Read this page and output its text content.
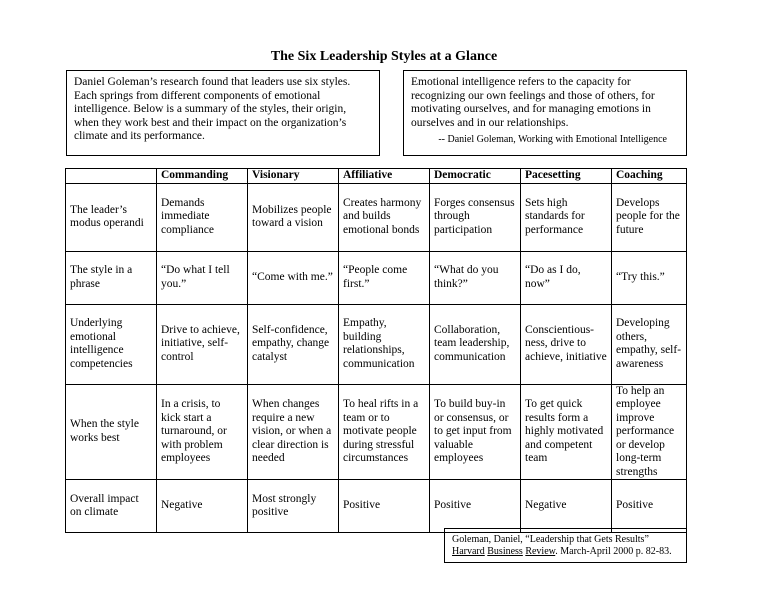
The Six Leadership Styles at a Glance
Daniel Goleman’s research found that leaders use six styles. Each springs from different components of emotional intelligence. Below is a summary of the styles, their origin, when they work best and their impact on the organization’s climate and its performance.
Emotional intelligence refers to the capacity for recognizing our own feelings and those of others, for motivating ourselves, and for managing emotions in ourselves and in our relationships.
-- Daniel Goleman, Working with Emotional Intelligence
	Commanding	Visionary	Affiliative	Democratic	Pacesetting	Coaching
The leader’s modus operandi	Demands immediate compliance	Mobilizes people toward a vision	Creates harmony and builds emotional bonds	Forges consensus through participation	Sets high standards for performance	Develops people for the future
The style in a phrase	“Do what I tell you.”	“Come with me.”	“People come first.”	“What do you think?”	“Do as I do, now”	“Try this.”
Underlying emotional intelligence competencies	Drive to achieve, initiative, self-control	Self-confidence, empathy, change catalyst	Empathy, building relationships, communication	Collaboration, team leadership, communication	Conscientious-ness, drive to achieve, initiative	Developing others, empathy, self-awareness
When the style works best	In a crisis, to kick start a turnaround, or with problem employees	When changes require a new vision, or when a clear direction is needed	To heal rifts in a team or to motivate people during stressful circumstances	To build buy-in or consensus, or to get input from valuable employees	To get quick results form a highly motivated and competent team	To help an employee improve performance or develop long-term strengths
Overall impact on climate	Negative	Most strongly positive	Positive	Positive	Negative	Positive
Goleman, Daniel, “Leadership that Gets Results” Harvard Business Review. March-April 2000 p. 82-83.
